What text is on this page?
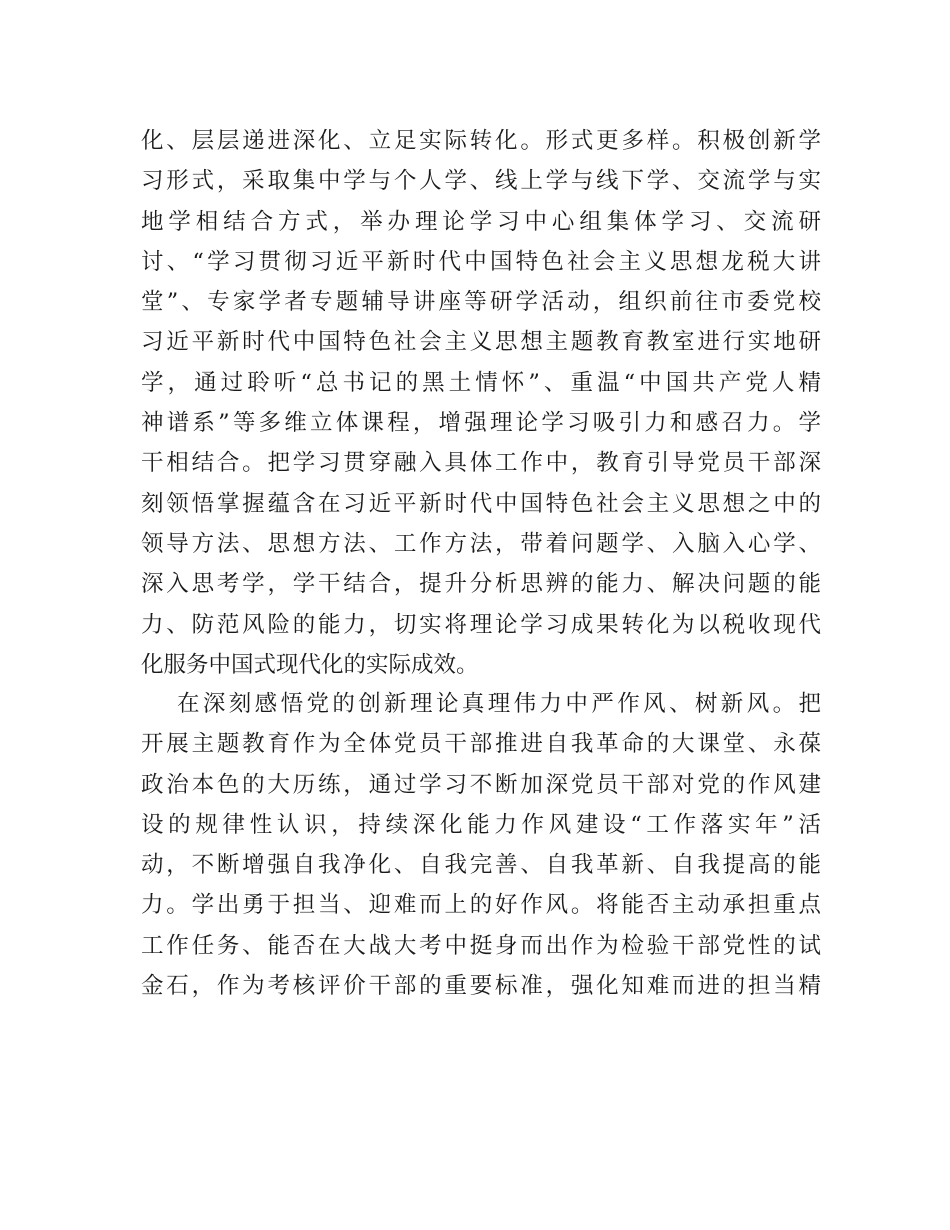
化、层层递进深化、立足实际转化。形式更多样。积极创新学
习形式，采取集中学与个人学、线上学与线下学、交流学与实
地学相结合方式，举办理论学习中心组集体学习、交流研
讨、“学习贯彻习近平新时代中国特色社会主义思想龙税大讲
堂”、专家学者专题辅导讲座等研学活动，组织前往市委党校
习近平新时代中国特色社会主义思想主题教育教室进行实地研
学，通过聆听“总书记的黑土情怀”、重温“中国共产党人精
神谱系”等多维立体课程，增强理论学习吸引力和感召力。学
干相结合。把学习贯穿融入具体工作中，教育引导党员干部深
刻领悟掌握蕴含在习近平新时代中国特色社会主义思想之中的
领导方法、思想方法、工作方法，带着问题学、入脑入心学、
深入思考学，学干结合，提升分析思辨的能力、解决问题的能
力、防范风险的能力，切实将理论学习成果转化为以税收现代
化服务中国式现代化的实际成效。
在深刻感悟党的创新理论真理伟力中严作风、树新风。把
开展主题教育作为全体党员干部推进自我革命的大课堂、永葆
政治本色的大历练，通过学习不断加深党员干部对党的作风建
设的规律性认识，持续深化能力作风建设“工作落实年”活
动，不断增强自我净化、自我完善、自我革新、自我提高的能
力。学出勇于担当、迎难而上的好作风。将能否主动承担重点
工作任务、能否在大战大考中挺身而出作为检验干部党性的试
金石，作为考核评价干部的重要标准，强化知难而进的担当精
